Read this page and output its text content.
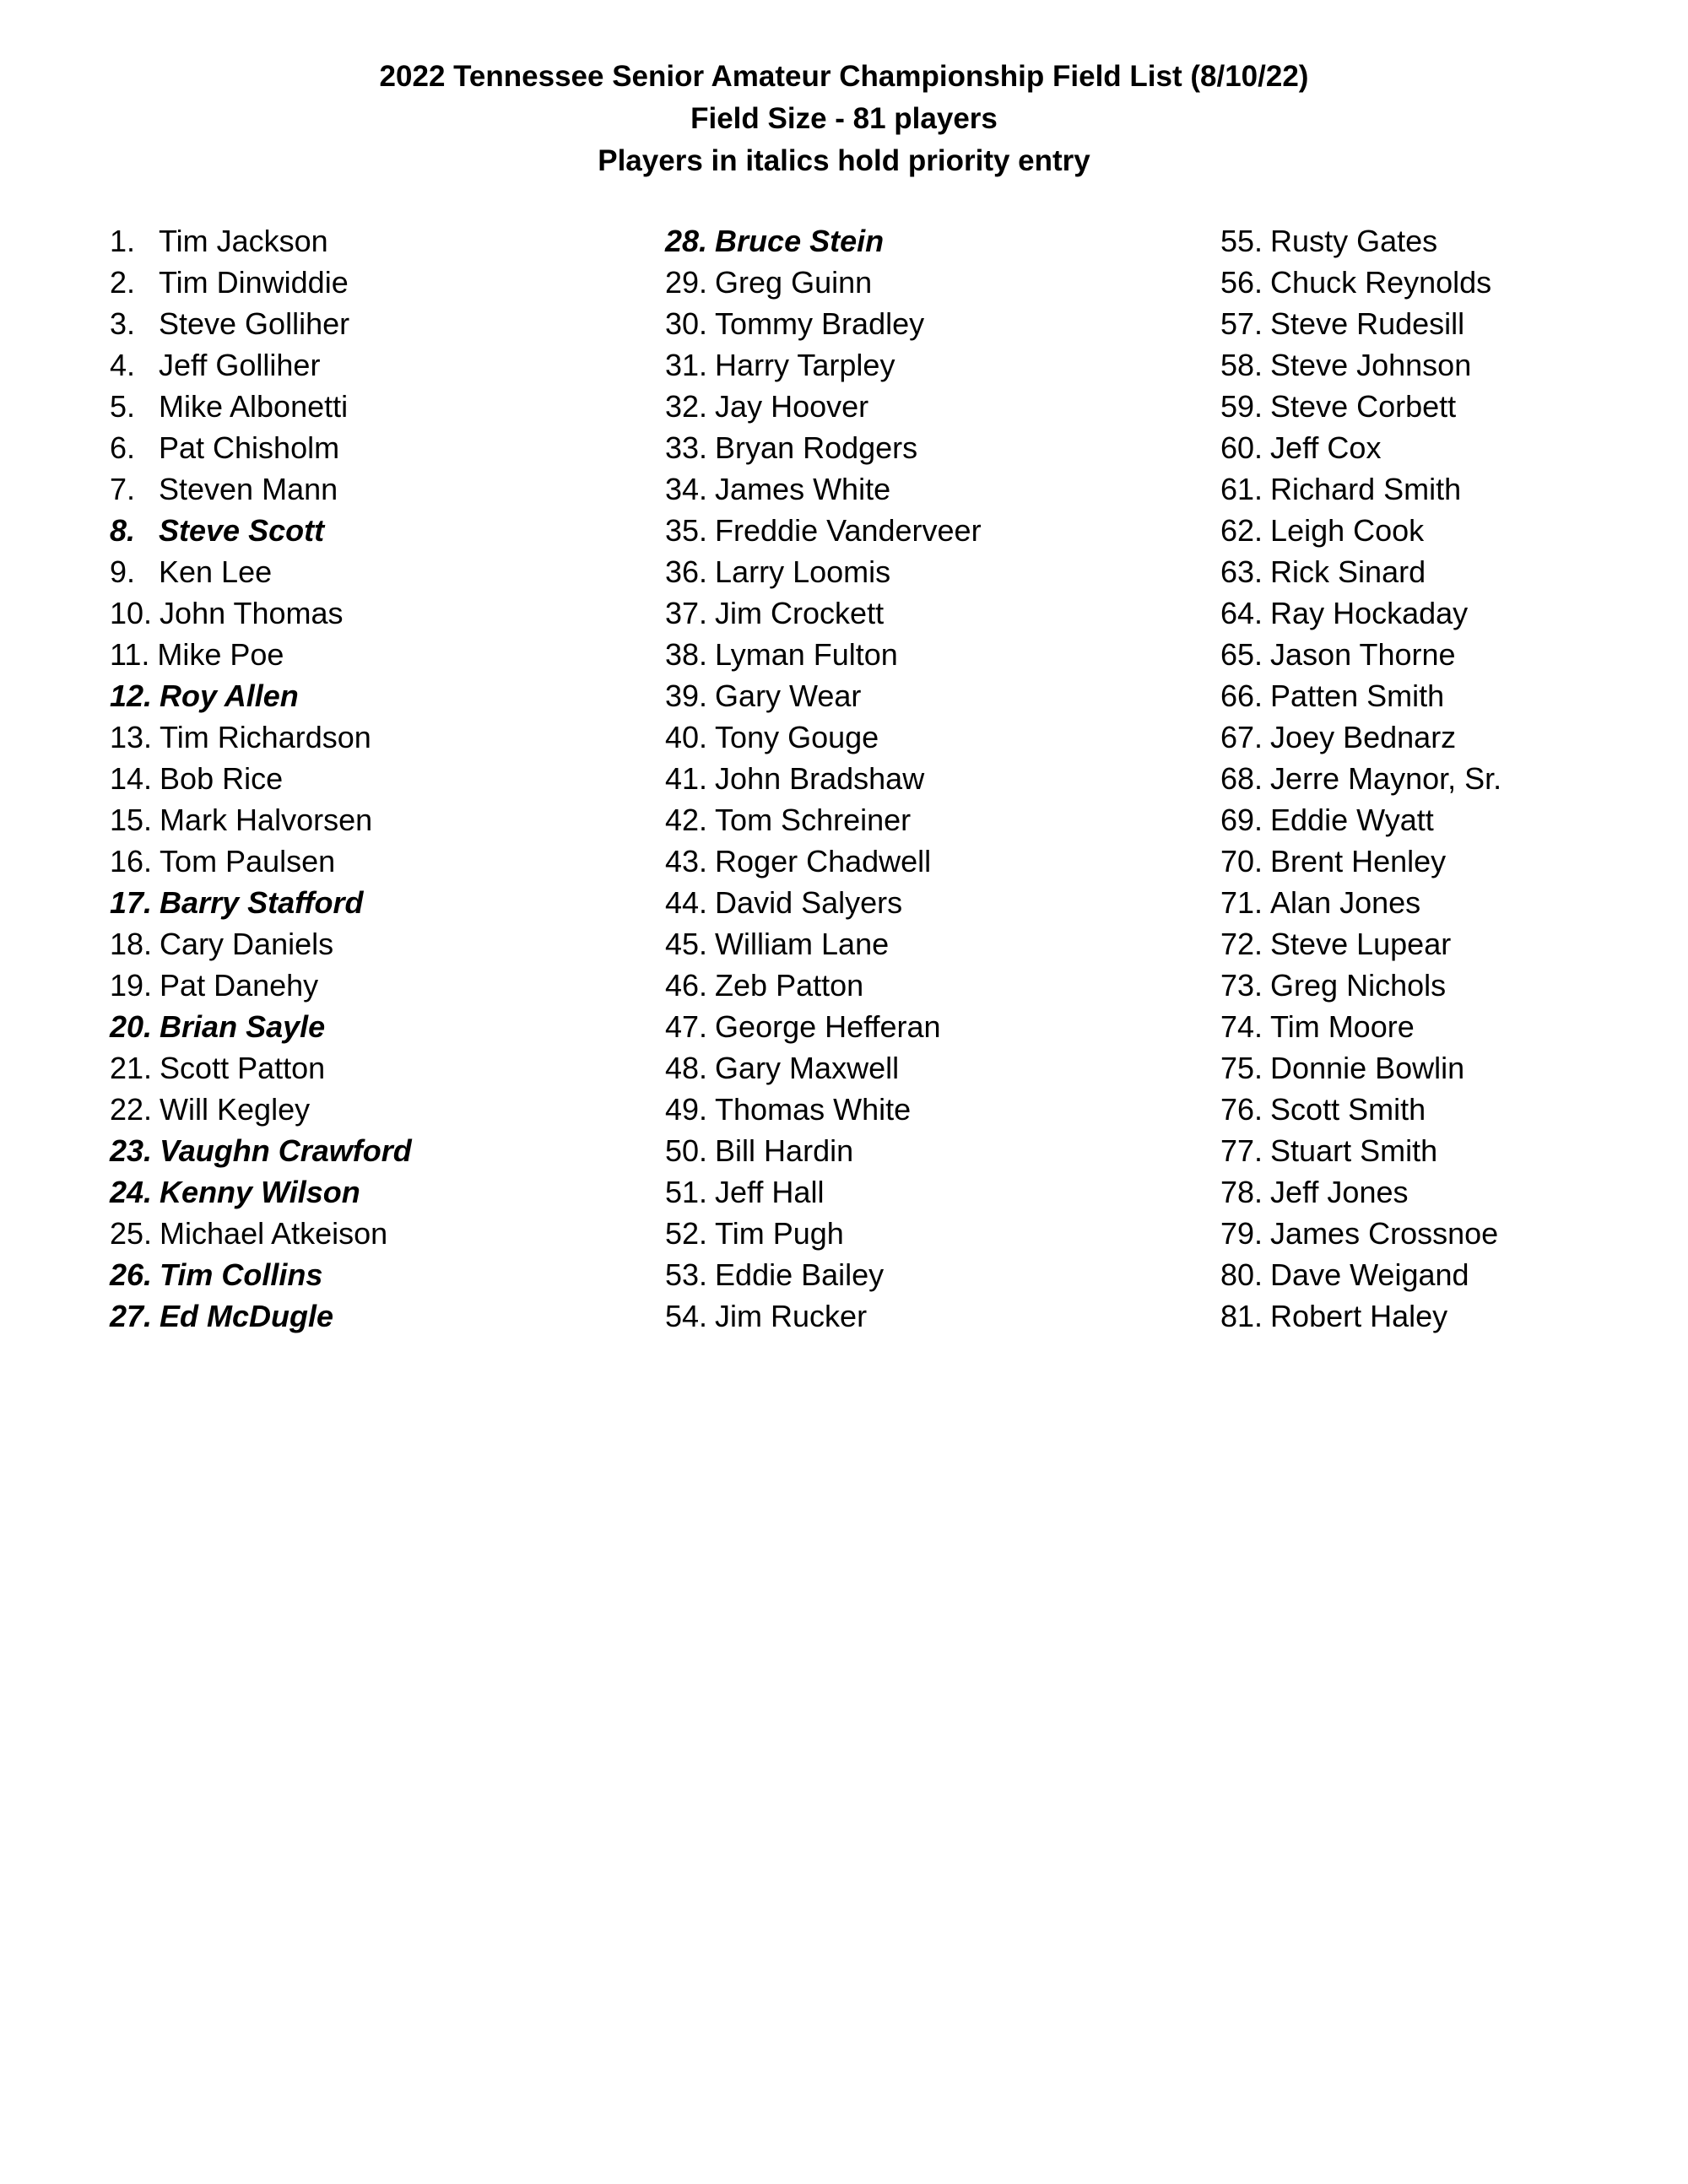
2022 Tennessee Senior Amateur Championship Field List (8/10/22)
Field Size - 81 players
Players in italics hold priority entry
1. Tim Jackson
2. Tim Dinwiddie
3. Steve Golliher
4. Jeff Golliher
5. Mike Albonetti
6. Pat Chisholm
7. Steven Mann
8. Steve Scott
9. Ken Lee
10. John Thomas
11. Mike Poe
12. Roy Allen
13. Tim Richardson
14. Bob Rice
15. Mark Halvorsen
16. Tom Paulsen
17. Barry Stafford
18. Cary Daniels
19. Pat Danehy
20. Brian Sayle
21. Scott Patton
22. Will Kegley
23. Vaughn Crawford
24. Kenny Wilson
25. Michael Atkeison
26. Tim Collins
27. Ed McDugle
28. Bruce Stein
29. Greg Guinn
30. Tommy Bradley
31. Harry Tarpley
32. Jay Hoover
33. Bryan Rodgers
34. James White
35. Freddie Vanderveer
36. Larry Loomis
37. Jim Crockett
38. Lyman Fulton
39. Gary Wear
40. Tony Gouge
41. John Bradshaw
42. Tom Schreiner
43. Roger Chadwell
44. David Salyers
45. William Lane
46. Zeb Patton
47. George Hefferan
48. Gary Maxwell
49. Thomas White
50. Bill Hardin
51. Jeff Hall
52. Tim Pugh
53. Eddie Bailey
54. Jim Rucker
55. Rusty Gates
56. Chuck Reynolds
57. Steve Rudesill
58. Steve Johnson
59. Steve Corbett
60. Jeff Cox
61. Richard Smith
62. Leigh Cook
63. Rick Sinard
64. Ray Hockaday
65. Jason Thorne
66. Patten Smith
67. Joey Bednarz
68. Jerre Maynor, Sr.
69. Eddie Wyatt
70. Brent Henley
71. Alan Jones
72. Steve Lupear
73. Greg Nichols
74. Tim Moore
75. Donnie Bowlin
76. Scott Smith
77. Stuart Smith
78. Jeff Jones
79. James Crossnoe
80. Dave Weigand
81. Robert Haley
